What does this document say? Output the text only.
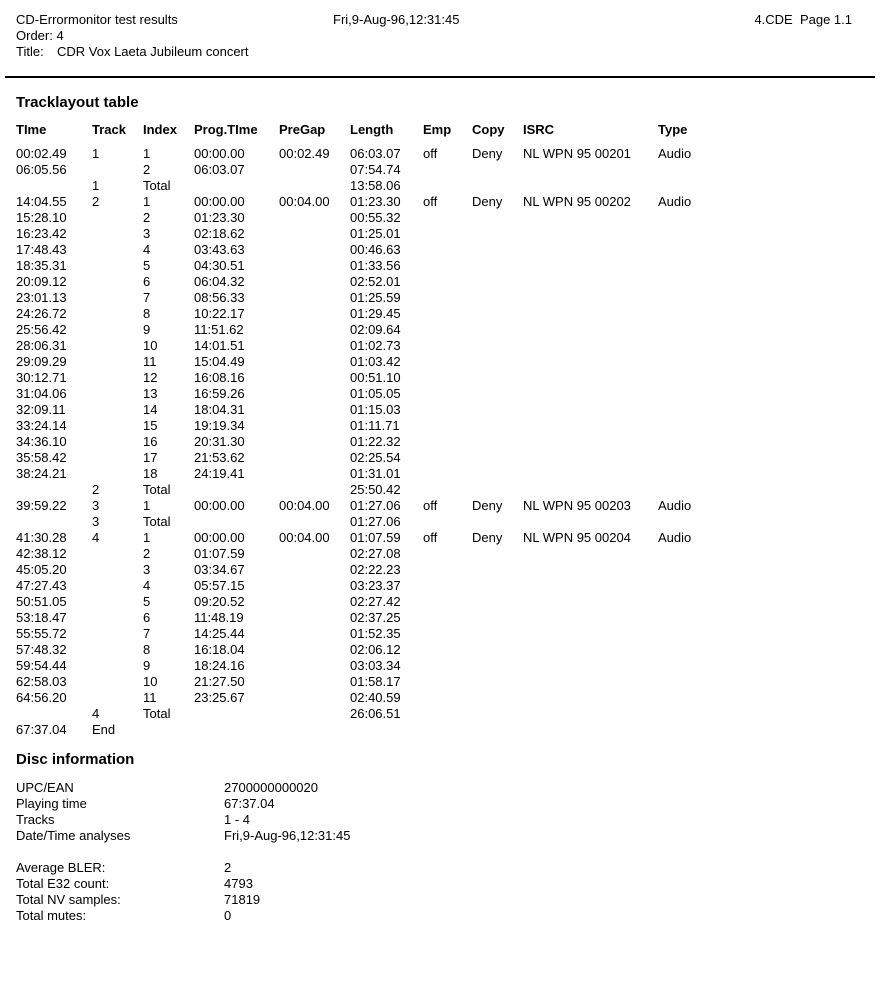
CD-Errormonitor test results
Order: 4
Title: CDR Vox Laeta Jubileum concert
Fri,9-Aug-96,12:31:45	4.CDE  Page 1.1
Tracklayout table
TIme	Track	Index	Prog.TIme	PreGap	Length	Emp	Copy	ISRC	Type
00:02.49	1	1	00:00.00	00:02.49	06:03.07	off	Deny	NL WPN 95 00201	Audio
06:05.56		2	06:03.07		07:54.74				
	1	Total			13:58.06				
14:04.55	2	1	00:00.00	00:04.00	01:23.30	off	Deny	NL WPN 95 00202	Audio
15:28.10		2	01:23.30		00:55.32				
16:23.42		3	02:18.62		01:25.01				
17:48.43		4	03:43.63		00:46.63				
18:35.31		5	04:30.51		01:33.56				
20:09.12		6	06:04.32		02:52.01				
23:01.13		7	08:56.33		01:25.59				
24:26.72		8	10:22.17		01:29.45				
25:56.42		9	11:51.62		02:09.64				
28:06.31		10	14:01.51		01:02.73				
29:09.29		11	15:04.49		01:03.42				
30:12.71		12	16:08.16		00:51.10				
31:04.06		13	16:59.26		01:05.05				
32:09.11		14	18:04.31		01:15.03				
33:24.14		15	19:19.34		01:11.71				
34:36.10		16	20:31.30		01:22.32				
35:58.42		17	21:53.62		02:25.54				
38:24.21		18	24:19.41		01:31.01				
	2	Total			25:50.42				
39:59.22	3	1	00:00.00	00:04.00	01:27.06	off	Deny	NL WPN 95 00203	Audio
	3	Total			01:27.06				
41:30.28	4	1	00:00.00	00:04.00	01:07.59	off	Deny	NL WPN 95 00204	Audio
42:38.12		2	01:07.59		02:27.08				
45:05.20		3	03:34.67		02:22.23				
47:27.43		4	05:57.15		03:23.37				
50:51.05		5	09:20.52		02:27.42				
53:18.47		6	11:48.19		02:37.25				
55:55.72		7	14:25.44		01:52.35				
57:48.32		8	16:18.04		02:06.12				
59:54.44		9	18:24.16		03:03.34				
62:58.03		10	21:27.50		01:58.17				
64:56.20		11	23:25.67		02:40.59				
	4	Total			26:06.51				
67:37.04	End								
Disc information
UPC/EAN	2700000000020
Playing time	67:37.04
Tracks	1 - 4
Date/Time analyses	Fri,9-Aug-96,12:31:45
Average BLER:	2
Total E32 count:	4793
Total NV samples:	71819
Total mutes:	0
